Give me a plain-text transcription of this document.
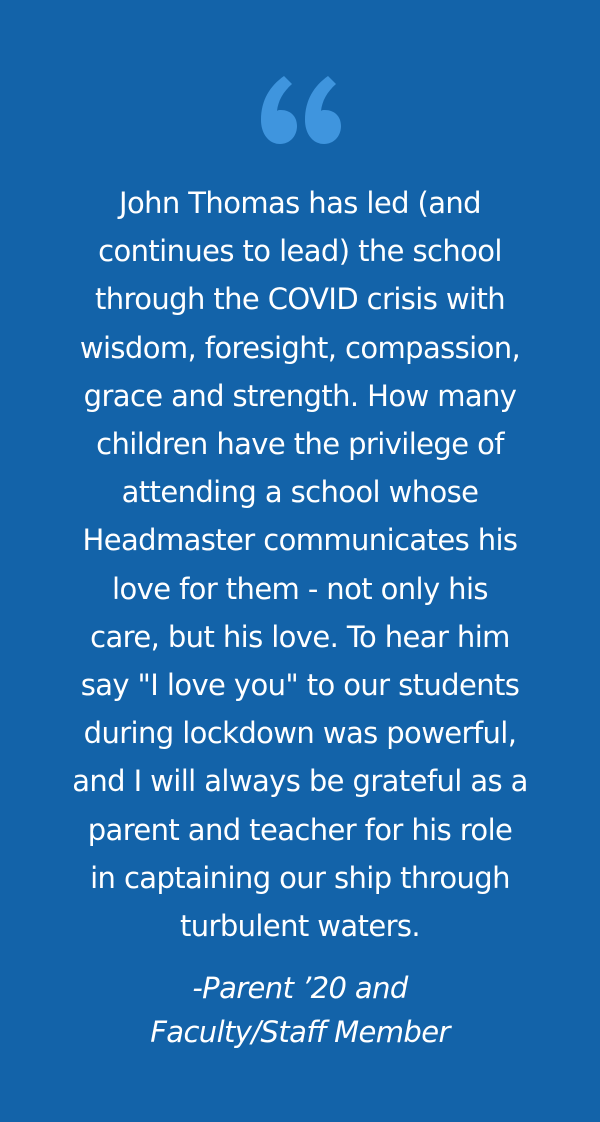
John Thomas has led (and
continues to lead) the school
through the COVID crisis with
wisdom, foresight, compassion,
grace and strength. How many
children have the privilege of
attending a school whose
Headmaster communicates his
love for them - not only his
care, but his love. To hear him
say "I love you" to our students
during lockdown was powerful,
and I will always be grateful as a
parent and teacher for his role
in captaining our ship through
turbulent waters.

-Parent ’20 and
Faculty/Staff Member
